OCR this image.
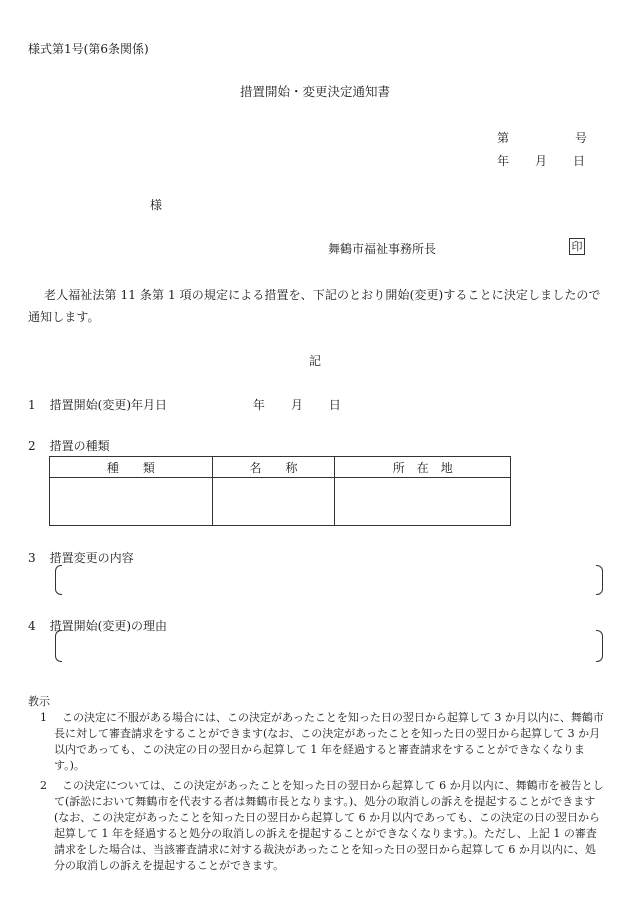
様式第1号(第6条関係)
措置開始・変更決定通知書
第	号
年 月 日
様
舞鶴市福祉事務所長	印
老人福祉法第 11 条第 1 項の規定による措置を、下記のとおり開始(変更)することに決定しましたので通知します。
記
1 措置開始(変更)年月日	年 月 日
2 措置の種類
種　　類	名　　称	所　在　地

3 措置変更の内容
4 措置開始(変更)の理由
教示
1	この決定に不服がある場合には、この決定があったことを知った日の翌日から起算して 3 か月以内に、舞鶴市長に対して審査請求をすることができます(なお、この決定があったことを知った日の翌日から起算して 3 か月以内であっても、この決定の日の翌日から起算して 1 年を経過すると審査請求をすることができなくなります。)。
2	この決定については、この決定があったことを知った日の翌日から起算して 6 か月以内に、舞鶴市を被告として(訴訟において舞鶴市を代表する者は舞鶴市長となります。)、処分の取消しの訴えを提起することができます(なお、この決定があったことを知った日の翌日から起算して 6 か月以内であっても、この決定の日の翌日から起算して 1 年を経過すると処分の取消しの訴えを提起することができなくなります。)。ただし、上記 1 の審査請求をした場合は、当該審査請求に対する裁決があったことを知った日の翌日から起算して 6 か月以内に、処分の取消しの訴えを提起することができます。
